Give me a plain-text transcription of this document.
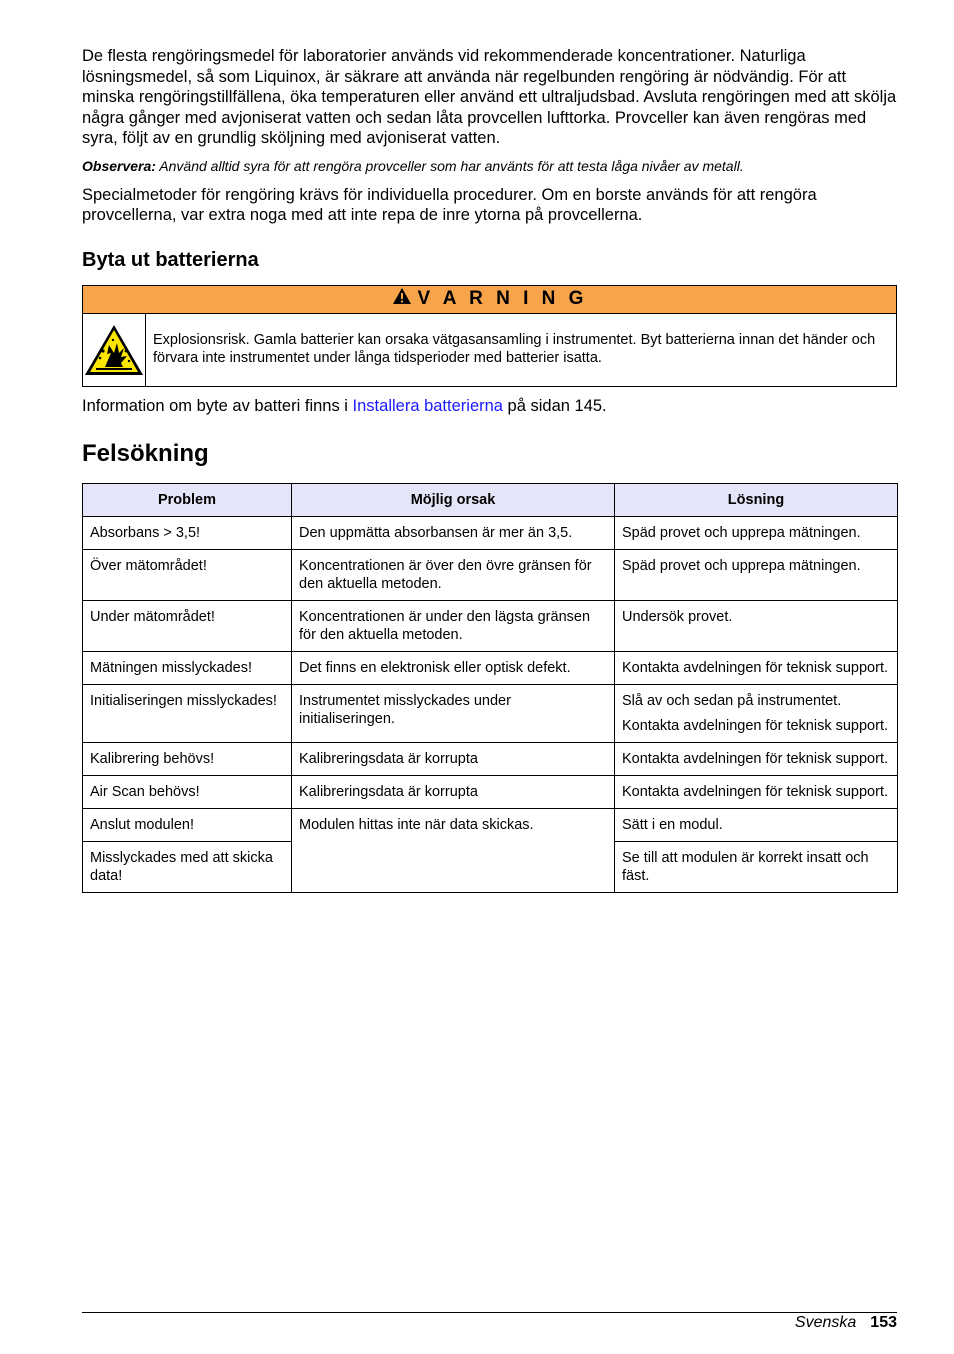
De flesta rengöringsmedel för laboratorier används vid rekommenderade koncentrationer. Naturliga lösningsmedel, så som Liquinox, är säkrare att använda när regelbunden rengöring är nödvändig. För att minska rengöringstillfällena, öka temperaturen eller använd ett ultraljudsbad. Avsluta rengöringen med att skölja några gånger med avjoniserat vatten och sedan låta provcellen lufttorka. Provceller kan även rengöras med syra, följt av en grundlig sköljning med avjoniserat vatten.

Observera: Använd alltid syra för att rengöra provceller som har använts för att testa låga nivåer av metall.

Specialmetoder för rengöring krävs för individuella procedurer. Om en borste används för att rengöra provcellerna, var extra noga med att inte repa de inre ytorna på provcellerna.

Byta ut batterierna
V A R N I N G
Explosionsrisk. Gamla batterier kan orsaka vätgasansamling i instrumentet. Byt batterierna innan det händer och förvara inte instrumentet under långa tidsperioder med batterier isatta.

Information om byte av batteri finns i Installera batterierna på sidan 145.

Felsökning
Problem	Möjlig orsak	Lösning
Absorbans > 3,5!	Den uppmätta absorbansen är mer än 3,5.	Späd provet och upprepa mätningen.
Över mätområdet!	Koncentrationen är över den övre gränsen för den aktuella metoden.	Späd provet och upprepa mätningen.
Under mätområdet!	Koncentrationen är under den lägsta gränsen för den aktuella metoden.	Undersök provet.
Mätningen misslyckades!	Det finns en elektronisk eller optisk defekt.	Kontakta avdelningen för teknisk support.
Initialiseringen misslyckades!	Instrumentet misslyckades under initialiseringen.	Slå av och sedan på instrumentet.

Kontakta avdelningen för teknisk support.

Kalibrering behövs!	Kalibreringsdata är korrupta	Kontakta avdelningen för teknisk support.
Air Scan behövs!	Kalibreringsdata är korrupta	Kontakta avdelningen för teknisk support.
Anslut modulen!	Modulen hittas inte när data skickas.	Sätt i en modul.
Misslyckades med att skicka data!		Se till att modulen är korrekt insatt och fäst.
Svenska 153
